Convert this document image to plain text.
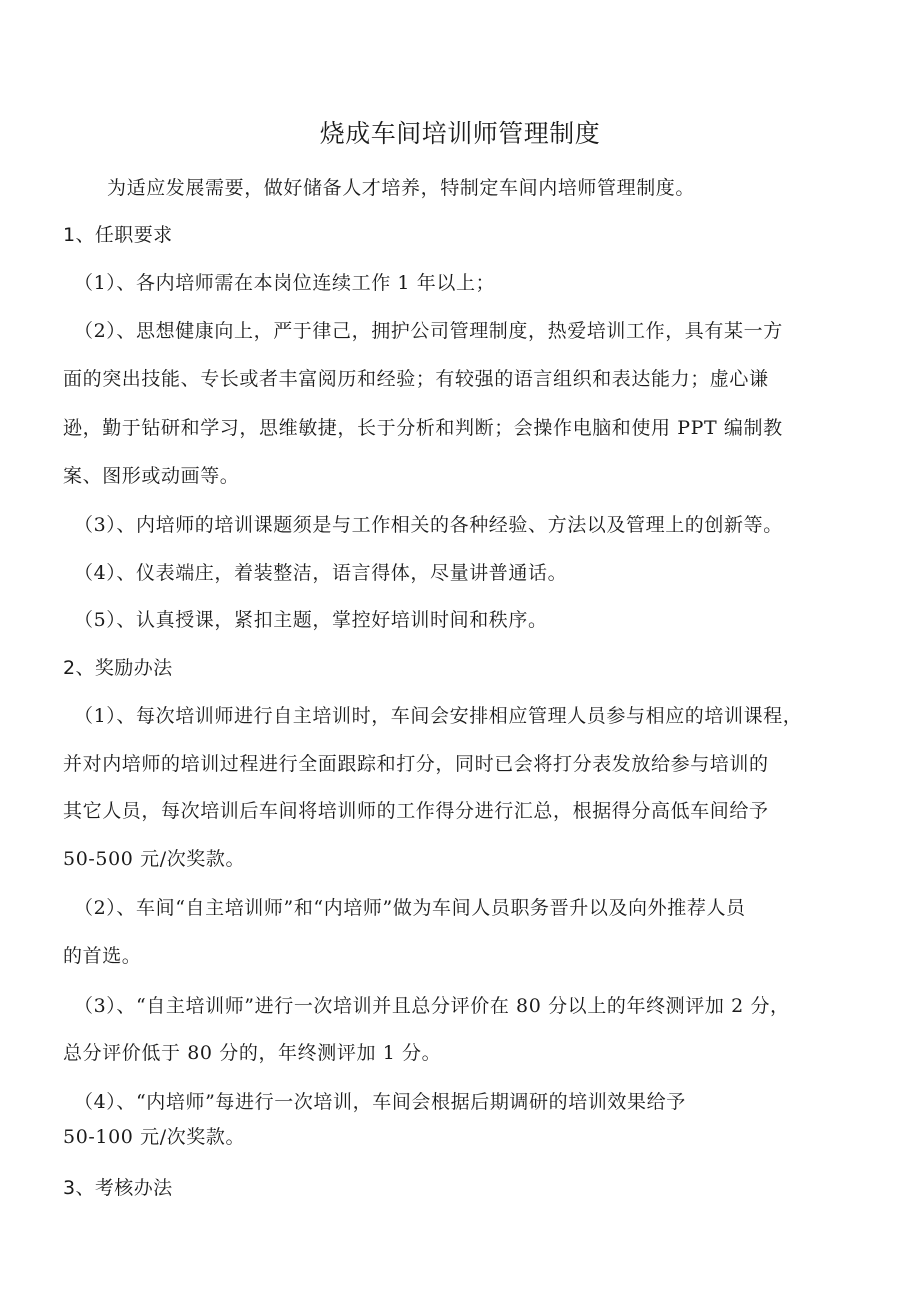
烧成车间培训师管理制度
为适应发展需要，做好储备人才培养，特制定车间内培师管理制度。
1、任职要求
（1）、各内培师需在本岗位连续工作 1 年以上；
（2）、思想健康向上，严于律己，拥护公司管理制度，热爱培训工作，具有某一方
面的突出技能、专长或者丰富阅历和经验；有较强的语言组织和表达能力；虚心谦
逊，勤于钻研和学习，思维敏捷，长于分析和判断；会操作电脑和使用 PPT 编制教
案、图形或动画等。
（3）、内培师的培训课题须是与工作相关的各种经验、方法以及管理上的创新等。
（4）、仪表端庄，着装整洁，语言得体，尽量讲普通话。
（5）、认真授课，紧扣主题，掌控好培训时间和秩序。
2、奖励办法
（1）、每次培训师进行自主培训时，车间会安排相应管理人员参与相应的培训课程，
并对内培师的培训过程进行全面跟踪和打分，同时已会将打分表发放给参与培训的
其它人员，每次培训后车间将培训师的工作得分进行汇总，根据得分高低车间给予
50-500 元/次奖款。
（2）、车间“自主培训师”和“内培师”做为车间人员职务晋升以及向外推荐人员
的首选。
（3）、“自主培训师”进行一次培训并且总分评价在 80 分以上的年终测评加 2 分，
总分评价低于 80 分的，年终测评加 1 分。
（4）、“内培师”每进行一次培训，车间会根据后期调研的培训效果给予
50-100 元/次奖款。
3、考核办法
